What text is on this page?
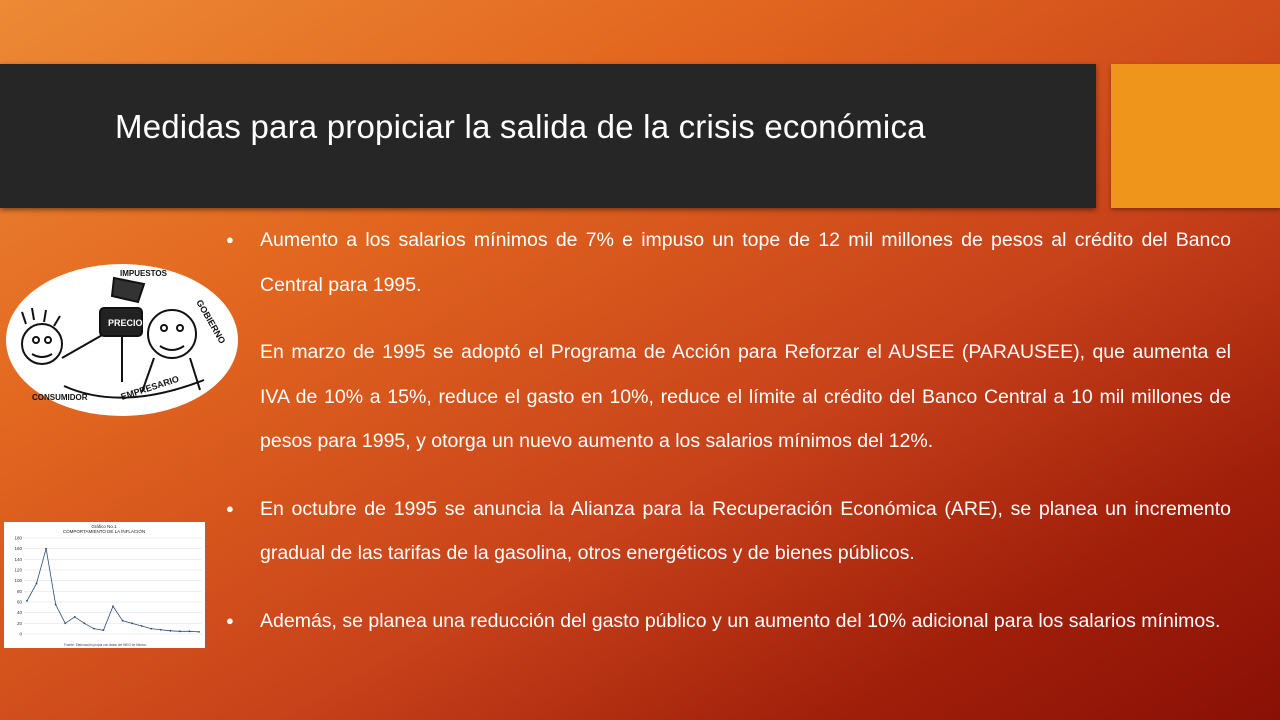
Medidas para propiciar la salida de la crisis económica
PRECIOS
IMPUESTOS
GOBIERNO
CONSUMIDOR	EMPRESARIO
Gráfico No.1
COMPORTAMIENTO DE LA INFLACIÓN
0
20
40
60
80
100
120
140
160
180
Fuente: Elaboración propia con datos del INEG de México
● Aumento a los salarios mínimos de 7% e impuso un tope de 12 mil millones de pesos al crédito del Banco Central para 1995.
● En marzo de 1995 se adoptó el Programa de Acción para Reforzar el AUSEE (PARAUSEE), que aumenta el IVA de 10% a 15%, reduce el gasto en 10%, reduce el límite al crédito del Banco Central a 10 mil millones de pesos para 1995, y otorga un nuevo aumento a los salarios mínimos del 12%.
● En octubre de 1995 se anuncia la Alianza para la Recuperación Económica (ARE), se planea un incremento gradual de las tarifas de la gasolina, otros energéticos y de bienes públicos.
● Además, se planea una reducción del gasto público y un aumento del 10% adicional para los salarios mínimos.
